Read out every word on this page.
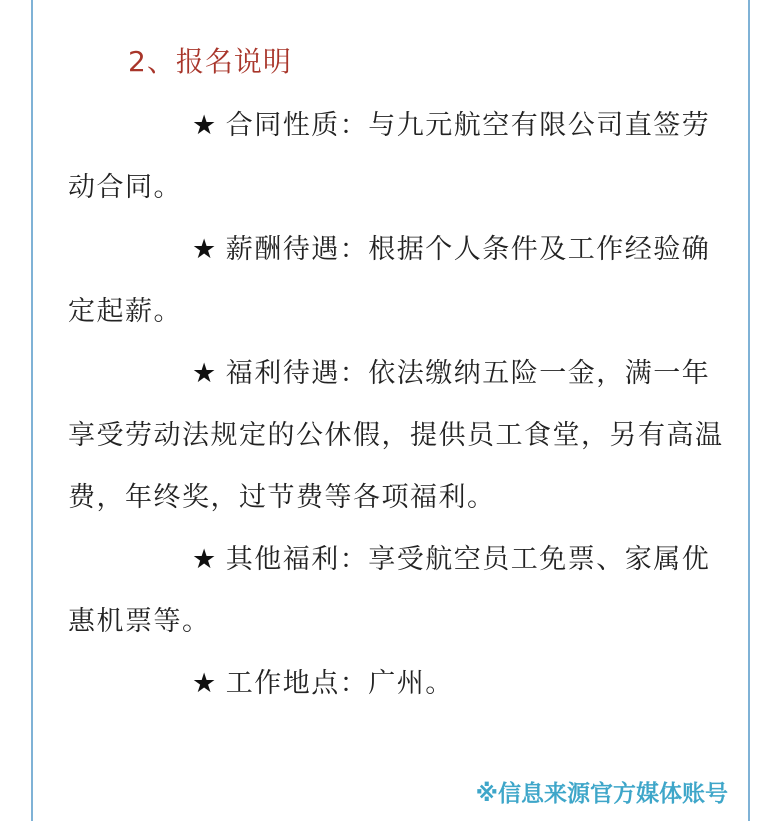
2、报名说明

★ 合同性质：与九元航空有限公司直签劳动合同。

★ 薪酬待遇：根据个人条件及工作经验确定起薪。

★ 福利待遇：依法缴纳五险一金，满一年享受劳动法规定的公休假，提供员工食堂，另有高温费，年终奖，过节费等各项福利。

★ 其他福利：享受航空员工免票、家属优惠机票等。

★ 工作地点：广州。

※信息来源官方媒体账号
